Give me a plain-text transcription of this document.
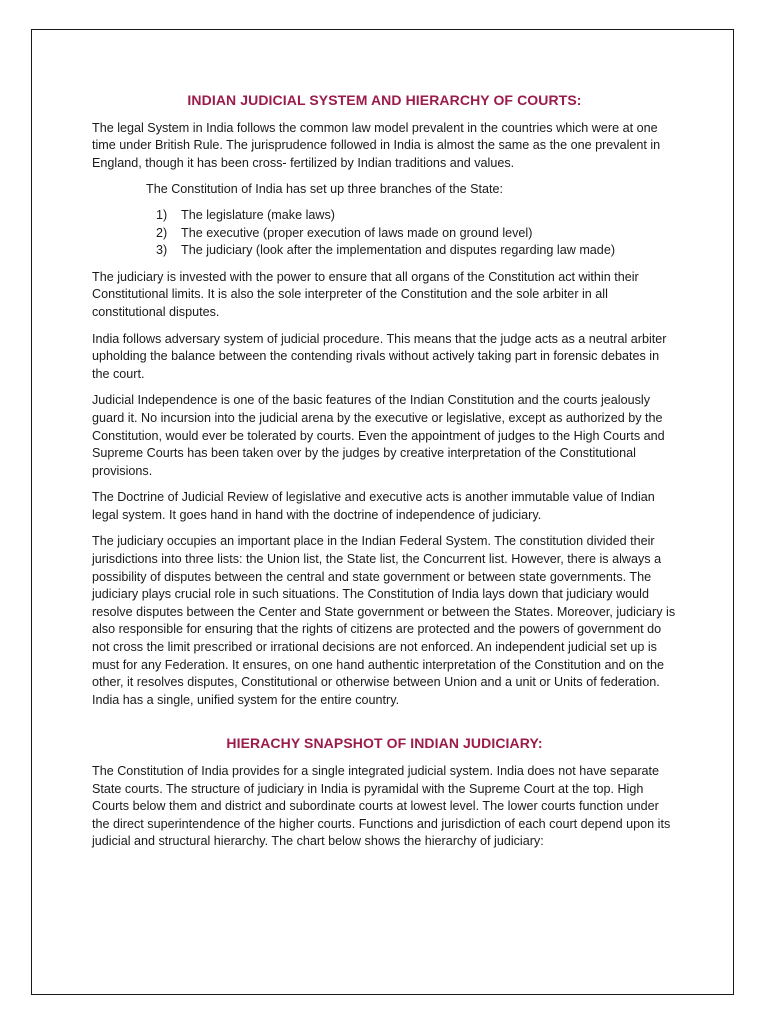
INDIAN JUDICIAL SYSTEM AND HIERARCHY OF COURTS:

The legal System in India follows the common law model prevalent in the countries which were at one time under British Rule. The jurisprudence followed in India is almost the same as the one prevalent in England, though it has been cross- fertilized by Indian traditions and values.

The Constitution of India has set up three branches of the State:

1) The legislature (make laws)
2) The executive (proper execution of laws made on ground level)
3) The judiciary (look after the implementation and disputes regarding law made)

The judiciary is invested with the power to ensure that all organs of the Constitution act within their Constitutional limits. It is also the sole interpreter of the Constitution and the sole arbiter in all constitutional disputes.

India follows adversary system of judicial procedure. This means that the judge acts as a neutral arbiter upholding the balance between the contending rivals without actively taking part in forensic debates in the court.

Judicial Independence is one of the basic features of the Indian Constitution and the courts jealously guard it. No incursion into the judicial arena by the executive or legislative, except as authorized by the Constitution, would ever be tolerated by courts. Even the appointment of judges to the High Courts and Supreme Courts has been taken over by the judges by creative interpretation of the Constitutional provisions.

The Doctrine of Judicial Review of legislative and executive acts is another immutable value of Indian legal system. It goes hand in hand with the doctrine of independence of judiciary.

The judiciary occupies an important place in the Indian Federal System. The constitution divided their jurisdictions into three lists: the Union list, the State list, the Concurrent list. However, there is always a possibility of disputes between the central and state government or between state governments. The judiciary plays crucial role in such situations. The Constitution of India lays down that judiciary would resolve disputes between the Center and State government or between the States. Moreover, judiciary is also responsible for ensuring that the rights of citizens are protected and the powers of government do not cross the limit prescribed or irrational decisions are not enforced. An independent judicial set up is must for any Federation. It ensures, on one hand authentic interpretation of the Constitution and on the other, it resolves disputes, Constitutional or otherwise between Union and a unit or Units of federation. India has a single, unified system for the entire country.

HIERACHY SNAPSHOT OF INDIAN JUDICIARY:

The Constitution of India provides for a single integrated judicial system. India does not have separate State courts. The structure of judiciary in India is pyramidal with the Supreme Court at the top. High Courts below them and district and subordinate courts at lowest level. The lower courts function under the direct superintendence of the higher courts. Functions and jurisdiction of each court depend upon its judicial and structural hierarchy. The chart below shows the hierarchy of judiciary:
